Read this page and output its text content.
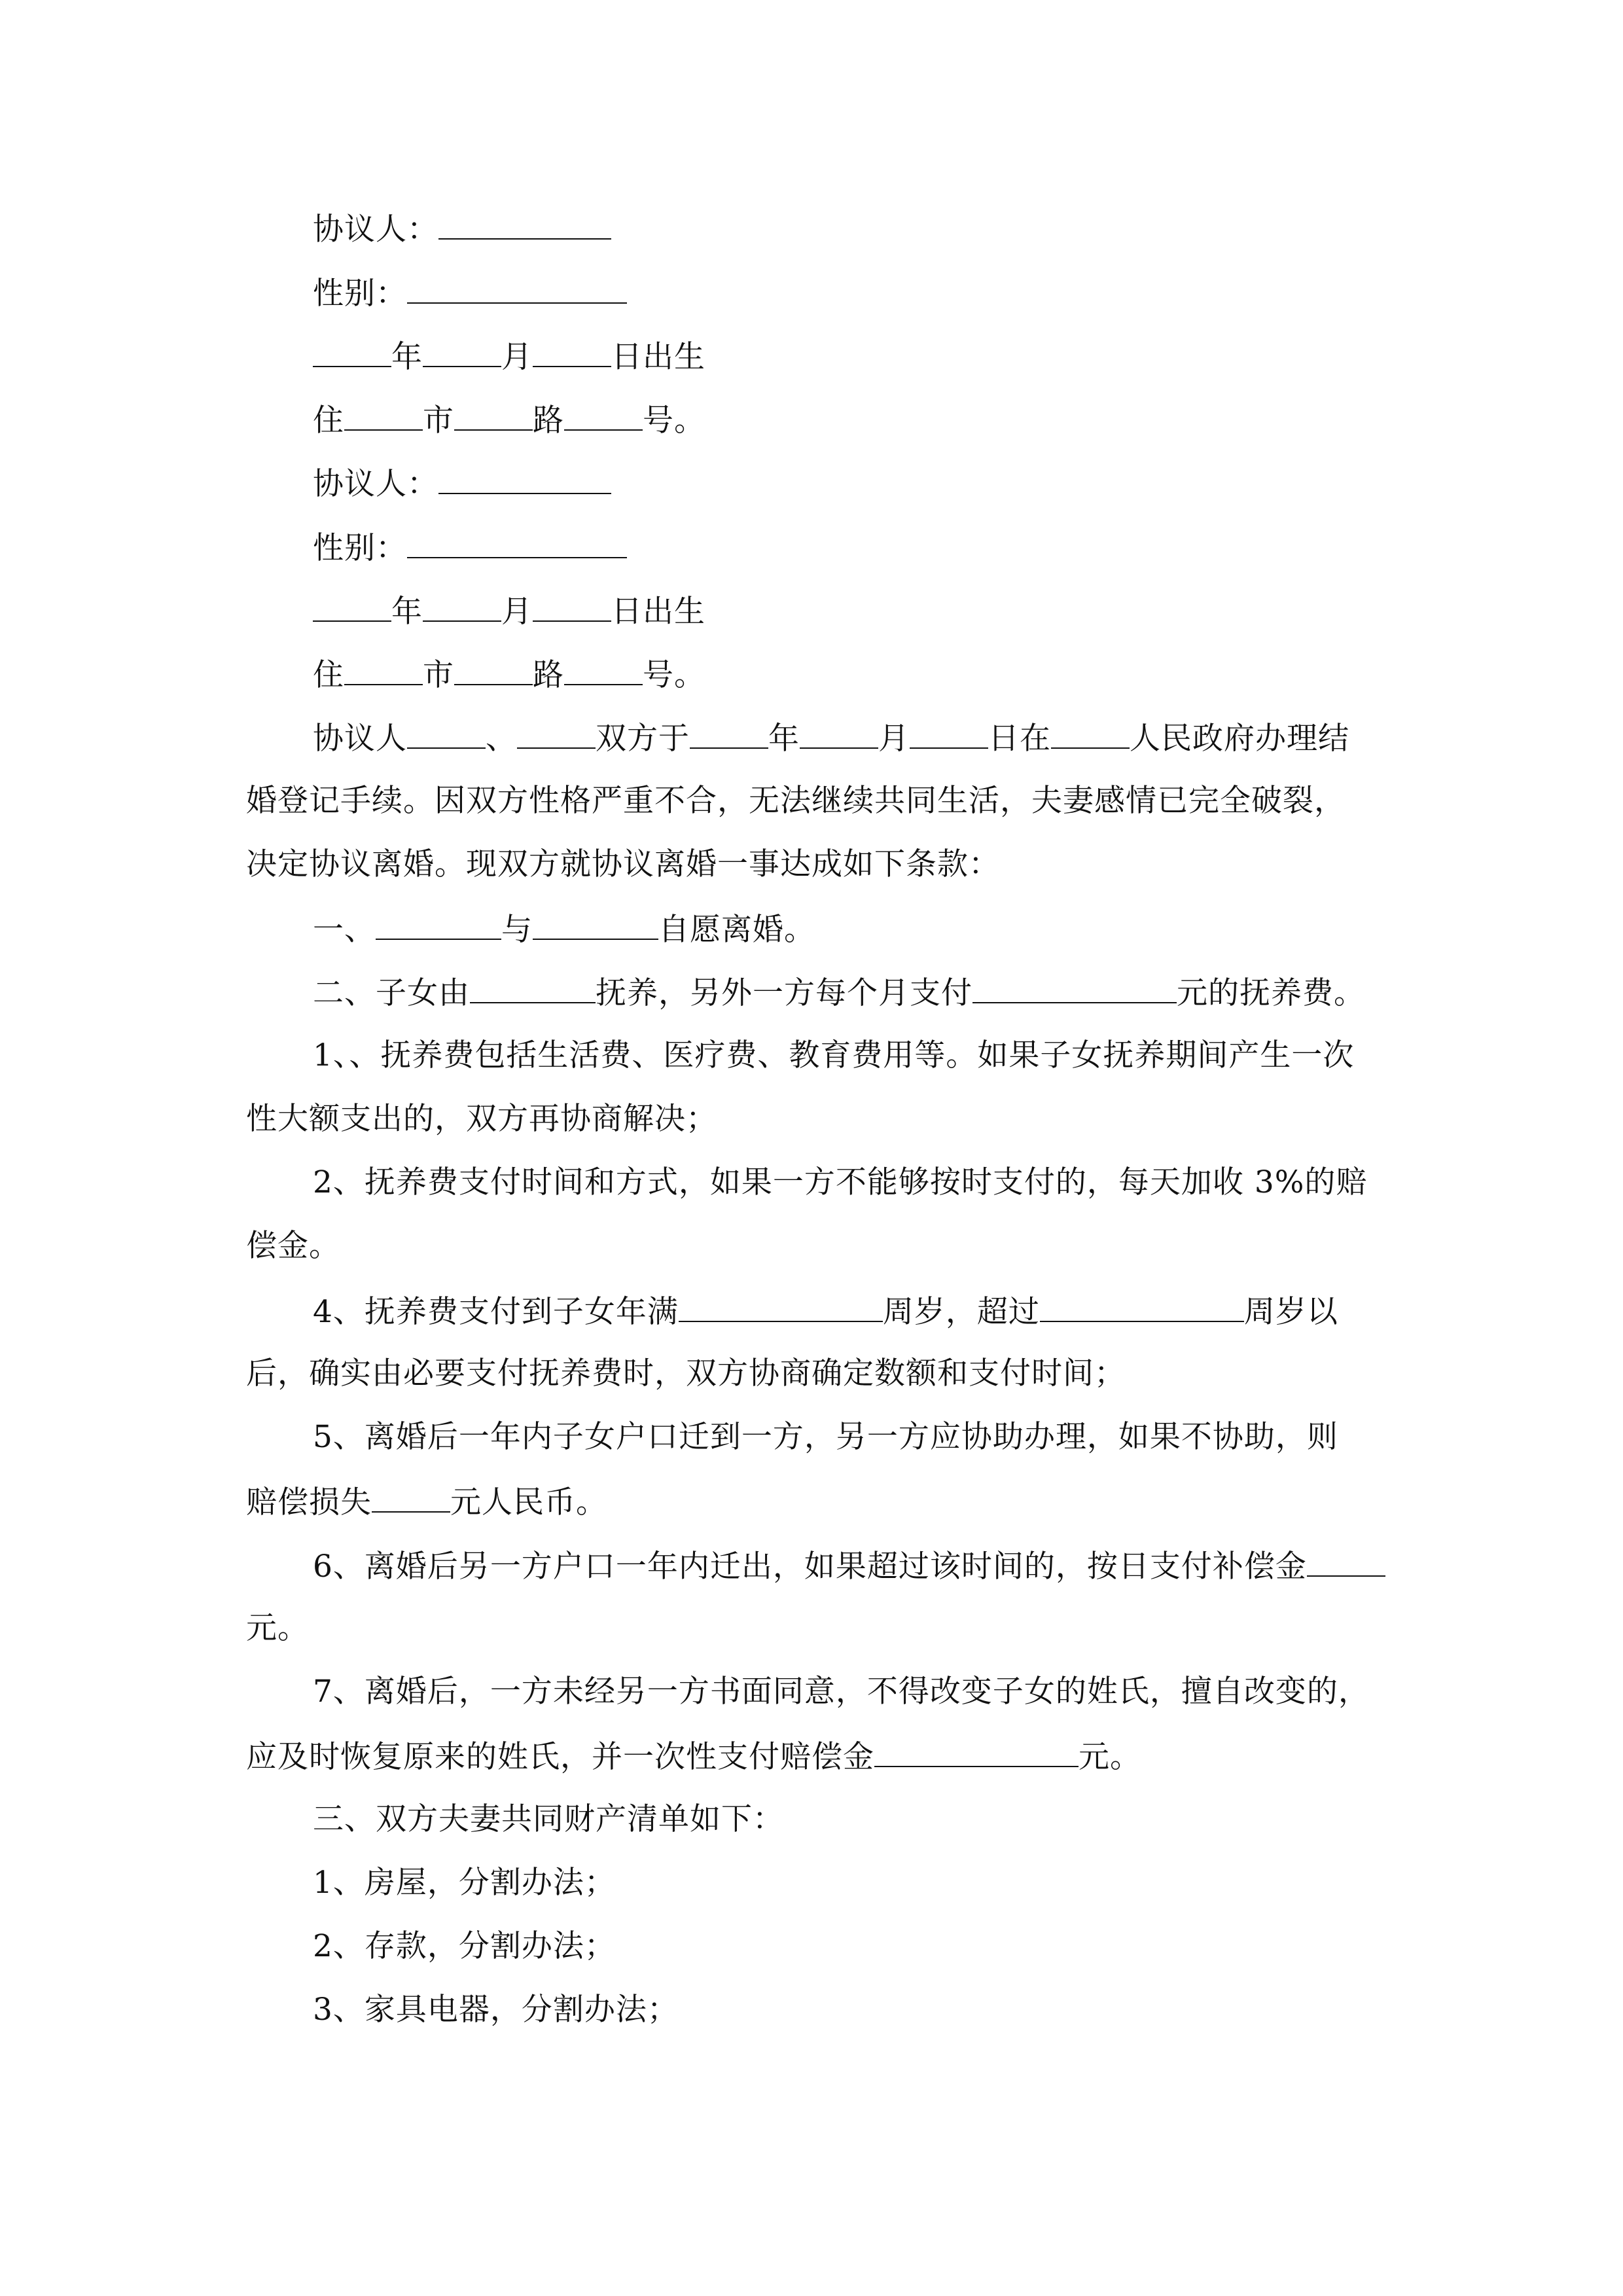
协议人：
性别：
年	月	日出生
住	市	路	号。
协议人：
性别：
年	月	日出生
住	市	路	号。
协议人	、	双方于	年	月	日在	人民政府办理结
婚登记手续。因双方性格严重不合，无法继续共同生活，夫妻感情已完全破裂，
决定协议离婚。现双方就协议离婚一事达成如下条款：
一、	与	自愿离婚。
二、子女由	抚养，另外一方每个月支付	元的抚养费。
1、、抚养费包括生活费、医疗费、教育费用等。如果子女抚养期间产生一次
性大额支出的，双方再协商解决；
2、抚养费支付时间和方式，如果一方不能够按时支付的，每天加收 3%的赔
偿金。
4、抚养费支付到子女年满	周岁，超过	周岁以
后，确实由必要支付抚养费时，双方协商确定数额和支付时间；
5、离婚后一年内子女户口迁到一方，另一方应协助办理，如果不协助，则
赔偿损失	元人民币。
6、离婚后另一方户口一年内迁出，如果超过该时间的，按日支付补偿金
元。
7、离婚后，一方未经另一方书面同意，不得改变子女的姓氏，擅自改变的，
应及时恢复原来的姓氏，并一次性支付赔偿金	元。
三、双方夫妻共同财产清单如下：
1、房屋，分割办法；
2、存款，分割办法；
3、家具电器，分割办法；
